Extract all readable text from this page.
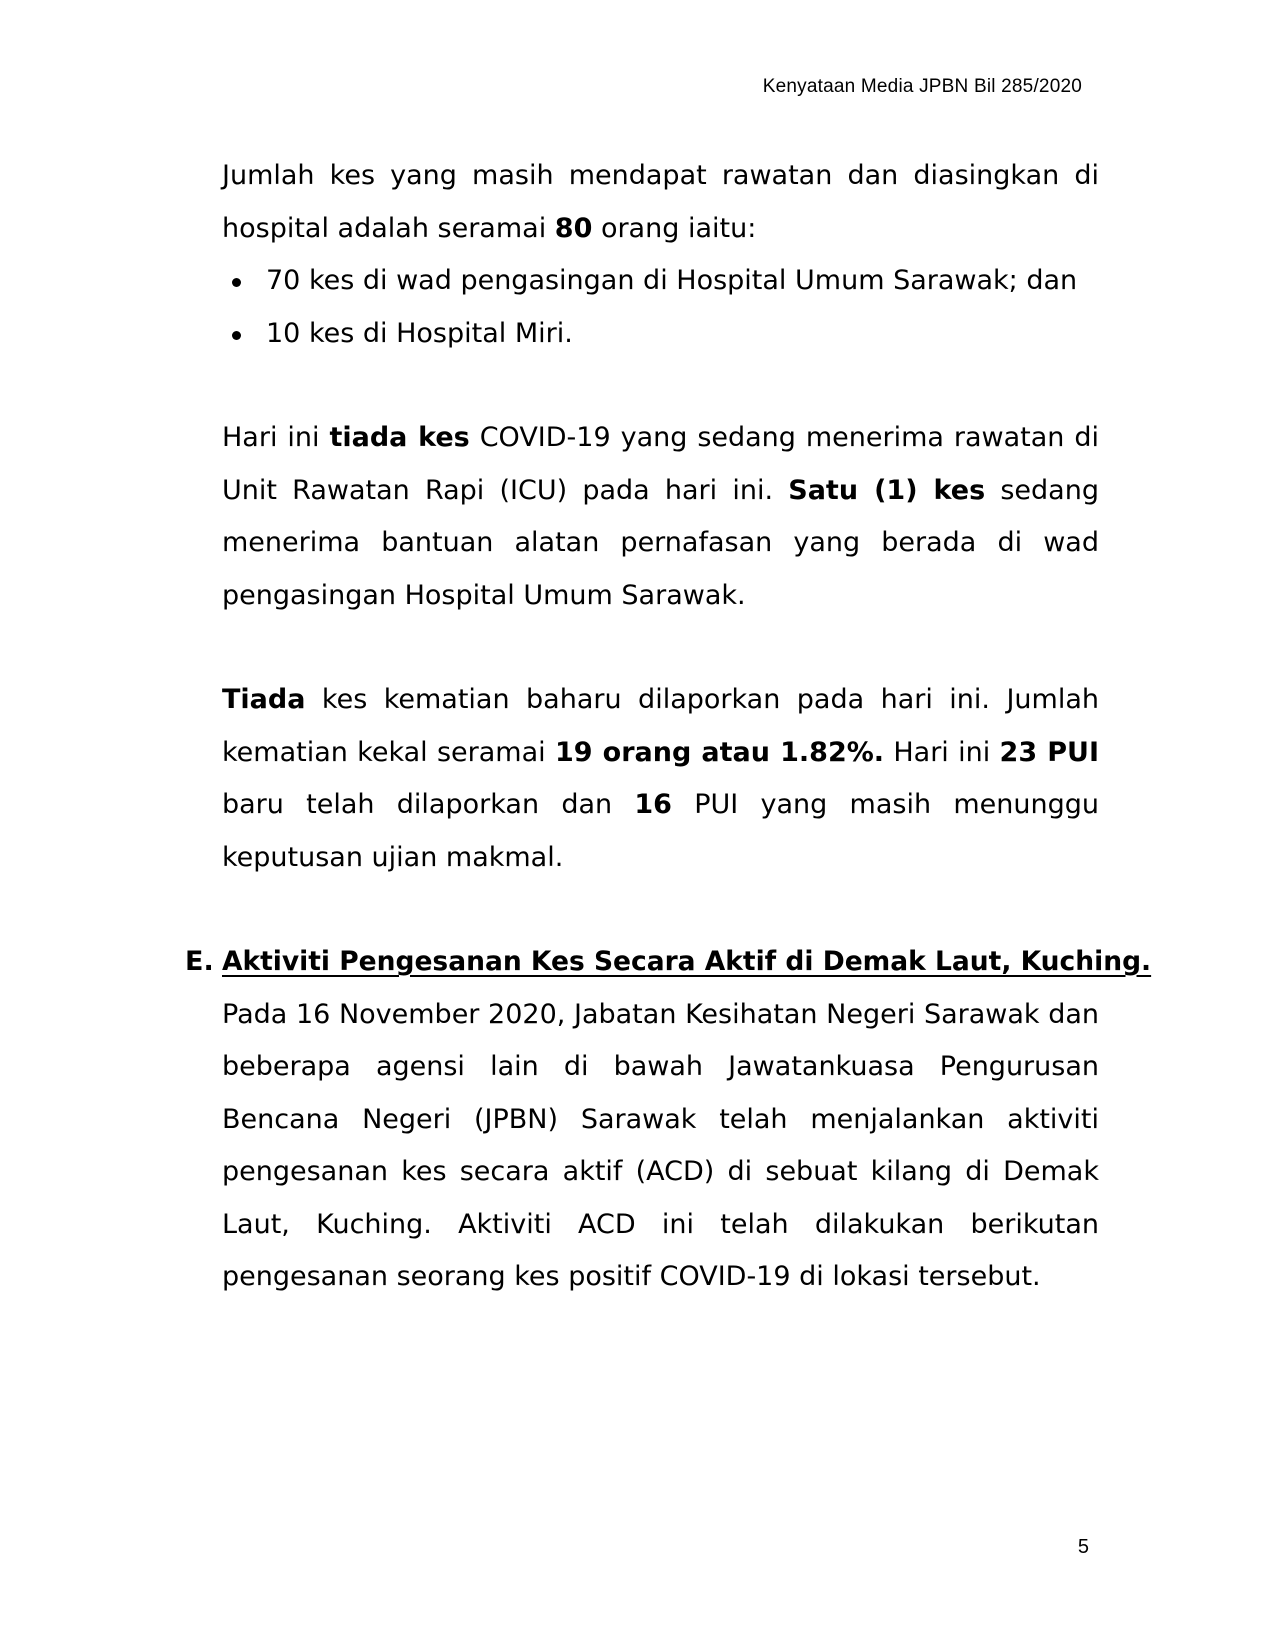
Kenyataan Media JPBN Bil 285/2020

Jumlah kes yang masih mendapat rawatan dan diasingkan di hospital adalah seramai 80 orang iaitu:

70 kes di wad pengasingan di Hospital Umum Sarawak; dan
10 kes di Hospital Miri.

Hari ini tiada kes COVID-19 yang sedang menerima rawatan di Unit Rawatan Rapi (ICU) pada hari ini. Satu (1) kes sedang menerima bantuan alatan pernafasan yang berada di wad pengasingan Hospital Umum Sarawak.

Tiada kes kematian baharu dilaporkan pada hari ini. Jumlah kematian kekal seramai 19 orang atau 1.82%. Hari ini 23 PUI baru telah dilaporkan dan 16 PUI yang masih menunggu keputusan ujian makmal.

E. Aktiviti Pengesanan Kes Secara Aktif di Demak Laut, Kuching.

Pada 16 November 2020, Jabatan Kesihatan Negeri Sarawak dan beberapa agensi lain di bawah Jawatankuasa Pengurusan Bencana Negeri (JPBN) Sarawak telah menjalankan aktiviti pengesanan kes secara aktif (ACD) di sebuat kilang di Demak Laut, Kuching. Aktiviti ACD ini telah dilakukan berikutan pengesanan seorang kes positif COVID-19 di lokasi tersebut.

5
